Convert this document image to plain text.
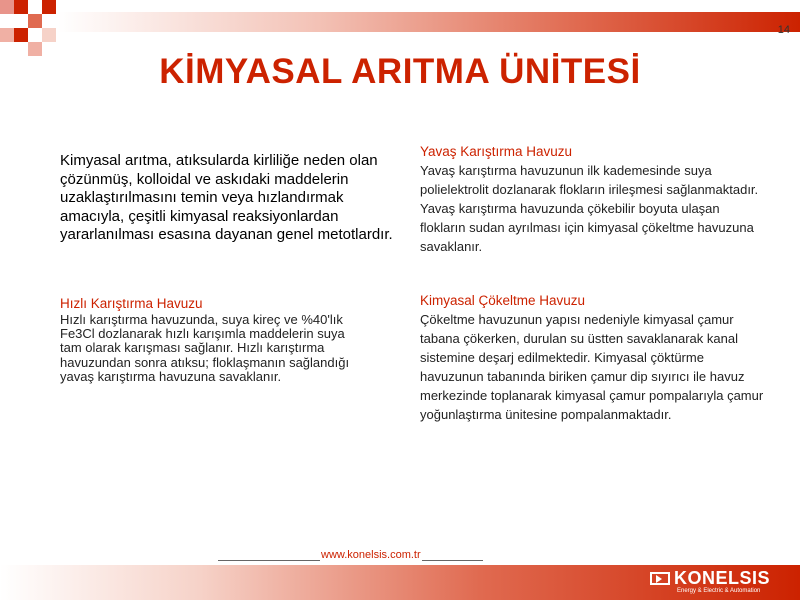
14
KİMYASAL ARITMA ÜNİTESİ
Kimyasal arıtma, atıksularda kirliliğe neden olan çözünmüş, kolloidal ve askıdaki maddelerin uzaklaştırılmasını temin veya hızlandırmak amacıyla, çeşitli kimyasal reaksiyonlardan yararlanılması esasına dayanan genel metotlardır.

Hızlı Karıştırma Havuzu

Hızlı karıştırma havuzunda, suya kireç ve %40'lık Fe3Cl dozlanarak hızlı karışımla maddelerin suya tam olarak karışması sağlanır. Hızlı karıştırma havuzundan sonra atıksu; floklaşmanın sağlandığı yavaş karıştırma havuzuna savaklanır.

Yavaş Karıştırma Havuzu

Yavaş karıştırma havuzunun ilk kademesinde suya polielektrolit dozlanarak flokların irileşmesi sağlanmaktadır. Yavaş karıştırma havuzunda çökebilir boyuta ulaşan flokların sudan ayrılması için kimyasal çökeltme havuzuna savaklanır.

Kimyasal Çökeltme Havuzu

Çökeltme havuzunun yapısı nedeniyle kimyasal çamur tabana çökerken, durulan su üstten savaklanarak kanal sistemine deşarj edilmektedir. Kimyasal çöktürme havuzunun tabanında biriken çamur dip sıyırıcı ile havuz merkezinde toplanarak kimyasal çamur pompalarıyla çamur yoğunlaştırma ünitesine pompalanmaktadır.

www.konelsis.com.tr
KONELSIS
Energy & Electric & Automation
